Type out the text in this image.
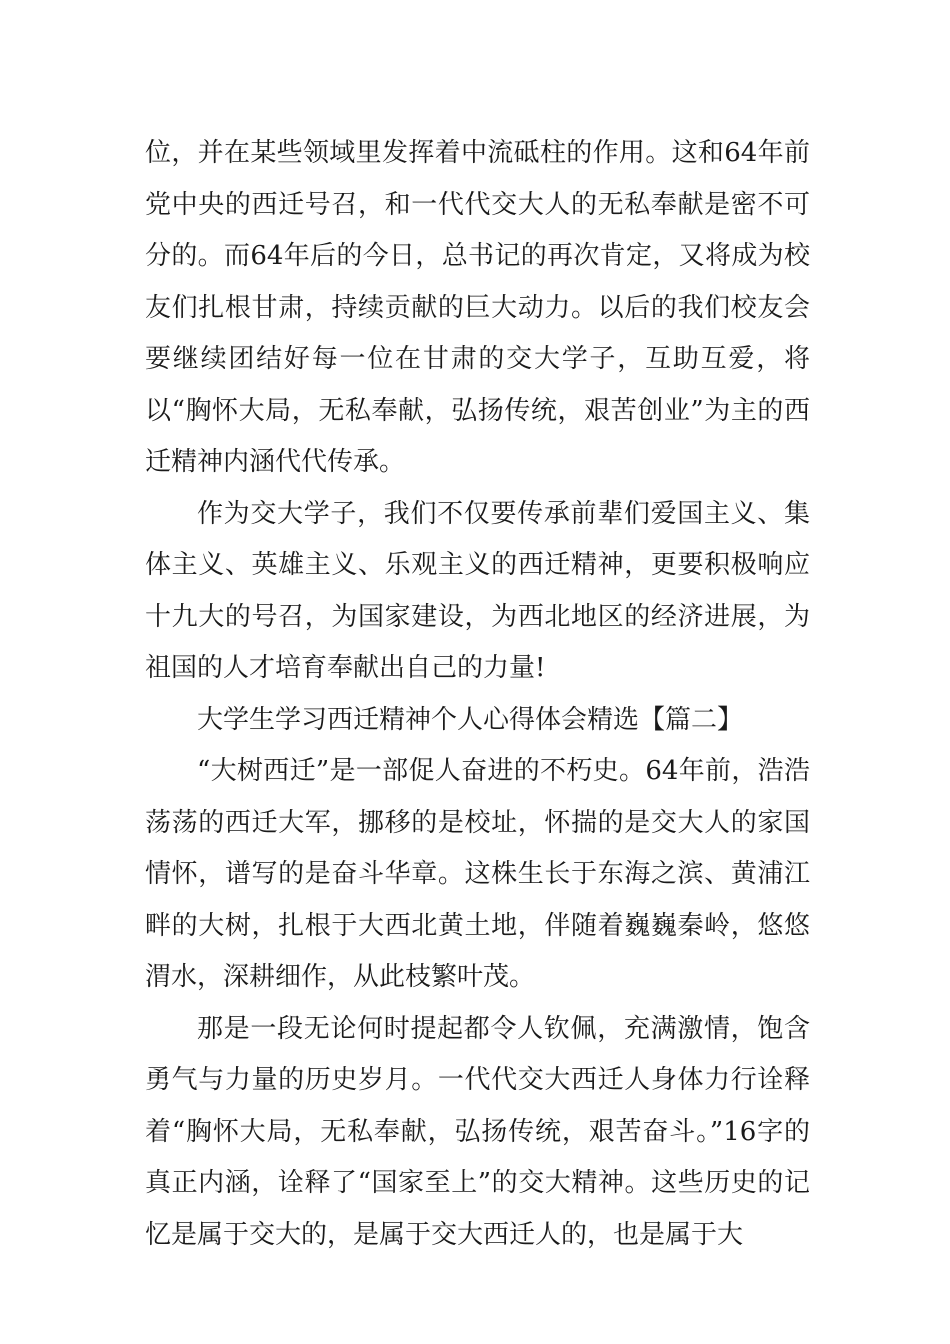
位，并在某些领域里发挥着中流砥柱的作用。这和64年前党中央的西迁号召，和一代代交大人的无私奉献是密不可分的。而64年后的今日，总书记的再次肯定，又将成为校友们扎根甘肃，持续贡献的巨大动力。以后的我们校友会要继续团结好每一位在甘肃的交大学子，互助互爱，将以“胸怀大局，无私奉献，弘扬传统，艰苦创业”为主的西迁精神内涵代代传承。

作为交大学子，我们不仅要传承前辈们爱国主义、集体主义、英雄主义、乐观主义的西迁精神，更要积极响应十九大的号召，为国家建设，为西北地区的经济进展，为祖国的人才培育奉献出自己的力量!

大学生学习西迁精神个人心得体会精选【篇二】

“大树西迁”是一部促人奋进的不朽史。64年前，浩浩荡荡的西迁大军，挪移的是校址，怀揣的是交大人的家国情怀，谱写的是奋斗华章。这株生长于东海之滨、黄浦江畔的大树，扎根于大西北黄土地，伴随着巍巍秦岭，悠悠渭水，深耕细作，从此枝繁叶茂。

那是一段无论何时提起都令人钦佩，充满激情，饱含勇气与力量的历史岁月。一代代交大西迁人身体力行诠释着“胸怀大局，无私奉献，弘扬传统，艰苦奋斗。”16字的真正内涵，诠释了“国家至上”的交大精神。这些历史的记忆是属于交大的，是属于交大西迁人的，也是属于大
